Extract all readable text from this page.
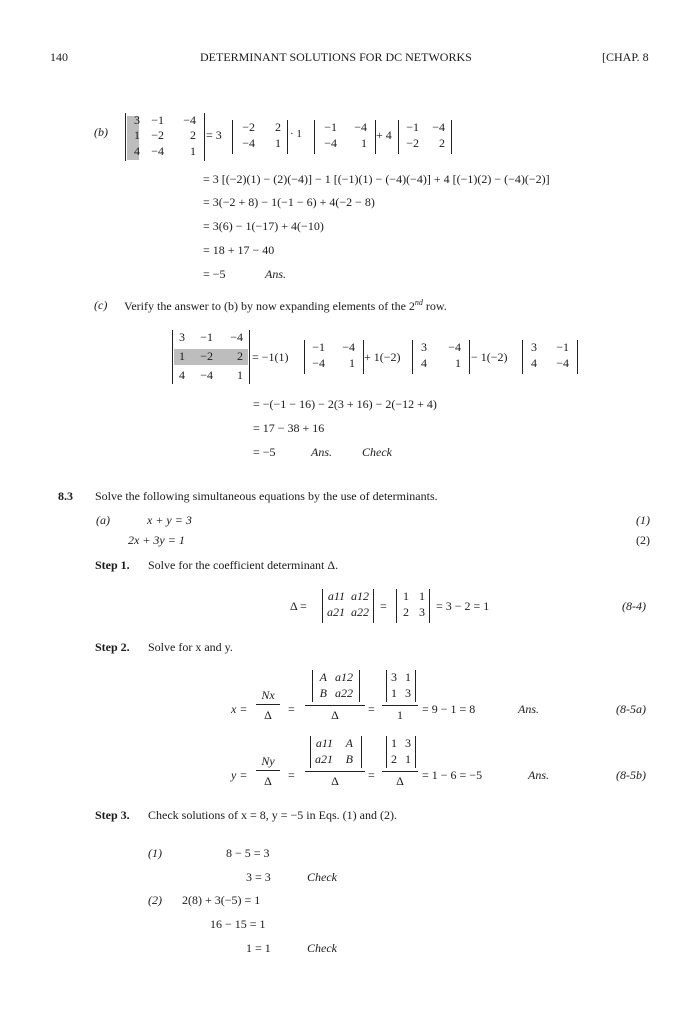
140	DETERMINANT SOLUTIONS FOR DC NETWORKS	[CHAP. 8
(b)
3 −1	−4
1 −2	2
4 −4	1
= 3
−2	2
−4	1
· 1	−1	−4
−4	1
+ 4
−1	−4
−2	2
= 3 [(−2)(1) − (2)(−4)] − 1 [(−1)(1) − (−4)(−4)] + 4 [(−1)(2) − (−4)(−2)]
= 3(−2 + 8) − 1(−1 − 6) + 4(−2 − 8)
= 3(6) − 1(−17) + 4(−10)
= 18 + 17 − 40
= −5	Ans.
(c) Verify the answer to (b) by now expanding elements of the 2nd row.
3	−1	−4
1	−2	2
4	−4	1
= −1(1)
−1	−4
−4	1 + 1(−2)
3	−4
4	1 − 1(−2)
3	−1
4	−4
= −(−1 − 16) − 2(3 + 16) − 2(−12 + 4)
= 17 − 38 + 16
= −5	Ans.	Check
8.3 Solve the following simultaneous equations by the use of determinants.
(a)	x + y = 3
2x + 3y = 1
(1)
(2)
Step 1. Solve for the coefficient determinant Δ.
Δ =
a11 a12
a21 a22 =
1 1
2 3 = 3 − 2 = 1	(8-4)
Step 2. Solve for x and y.
x =
Nx
Δ	=
A a12
B a22
Δ	=
3 1
1 3
1	= 9 − 1 = 8	Ans.	(8-5a)
y =
Ny
Δ	=
a11	A
a21	B
Δ	=
1 3
2 1
Δ	= 1 − 6 = −5	Ans.	(8-5b)
Step 3. Check solutions of x = 8, y = −5 in Eqs. (1) and (2).
(1)	8 − 5 = 3
3 = 3	Check
(2) 2(8) + 3(−5) = 1
16 − 15 = 1
1 = 1	Check
